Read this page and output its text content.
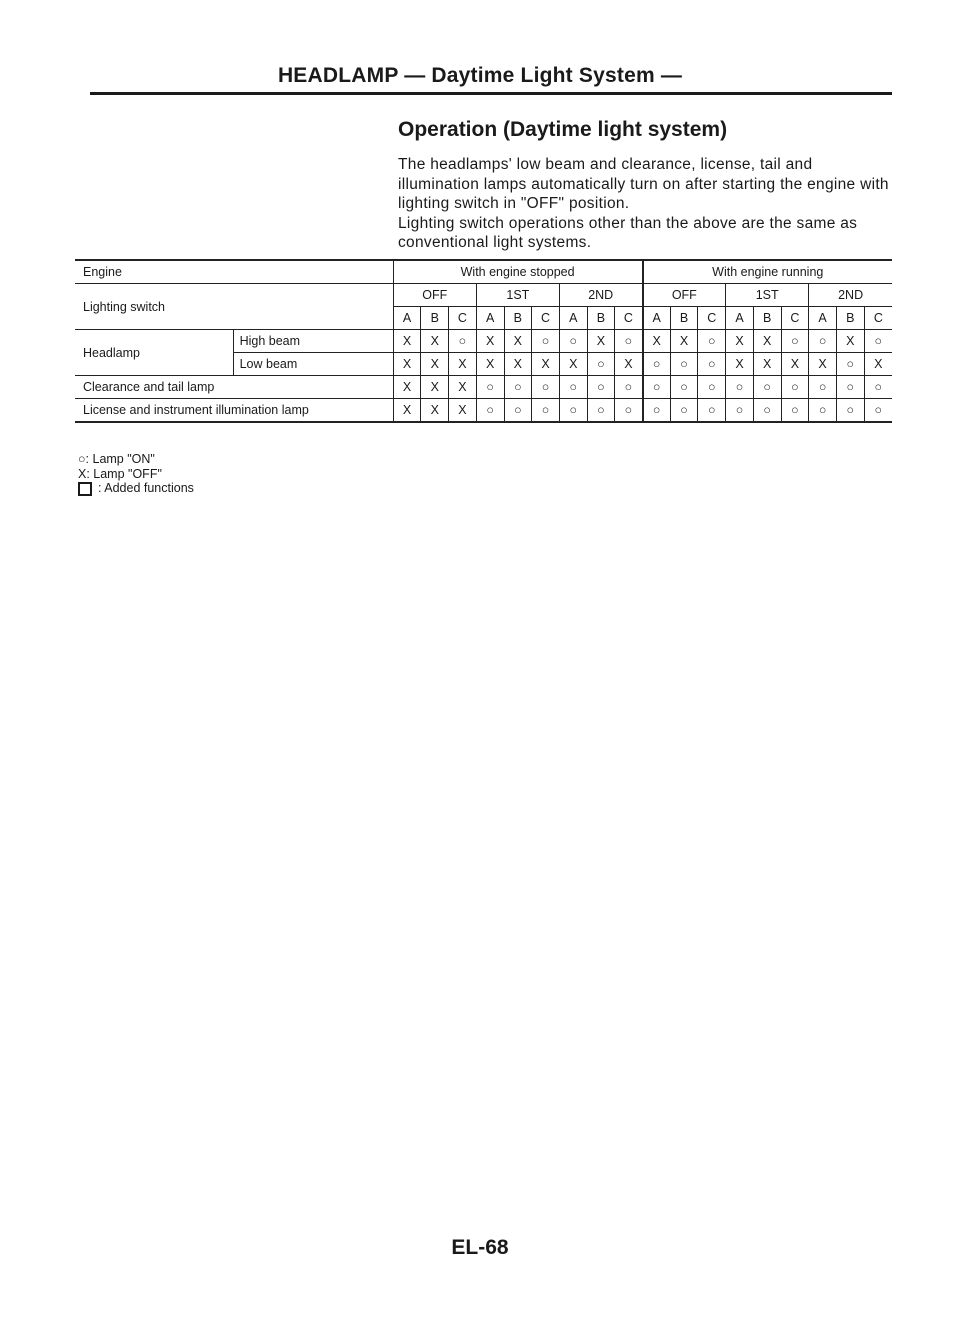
HEADLAMP — Daytime Light System —
Operation (Daytime light system)

The headlamps' low beam and clearance, license, tail and illumination lamps automatically turn on after starting the engine with lighting switch in "OFF" position.

Lighting switch operations other than the above are the same as conventional light systems.

Engine		With engine stopped									With engine running								
Lighting switch		OFF			1ST			2ND			OFF			1ST			2ND		
		A	B	C	A	B	C	A	B	C	A	B	C	A	B	C	A	B	C
Headlamp	High beam	X	X	○	X	X	○	○	X	○	X	X	○	X	X	○	○	X	○
	Low beam	X	X	X	X	X	X	X	○	X	○	○	○	X	X	X	X	○	X
Clearance and tail lamp		X	X	X	○	○	○	○	○	○	○	○	○	○	○	○	○	○	○
License and instrument illumination lamp		X	X	X	○	○	○	○	○	○	○	○	○	○	○	○	○	○	○
○: Lamp "ON"
X: Lamp "OFF"
: Added functions
EL-68
